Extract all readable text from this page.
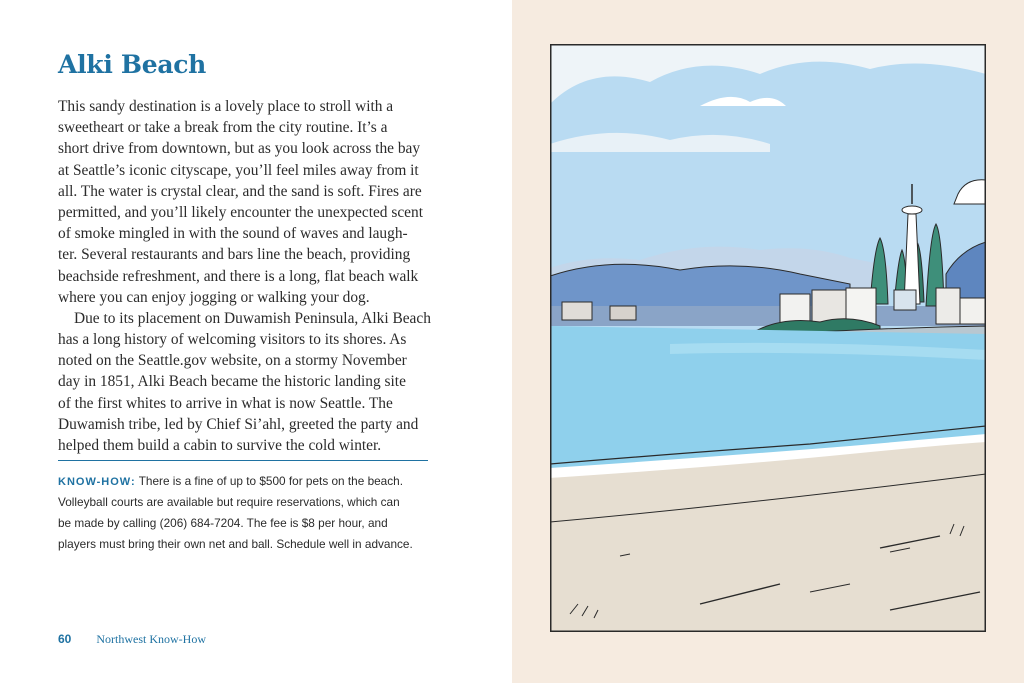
Alki Beach
This sandy destination is a lovely place to stroll with a
sweetheart or take a break from the city routine. It’s a
short drive from downtown, but as you look across the bay
at Seattle’s iconic cityscape, you’ll feel miles away from it
all. The water is crystal clear, and the sand is soft. Fires are
permitted, and you’ll likely encounter the unexpected scent
of smoke mingled in with the sound of waves and laugh-
ter. Several restaurants and bars line the beach, providing
beachside refreshment, and there is a long, flat beach walk
where you can enjoy jogging or walking your dog.
Due to its placement on Duwamish Peninsula, Alki Beach
has a long history of welcoming visitors to its shores. As
noted on the Seattle.gov website, on a stormy November
day in 1851, Alki Beach became the historic landing site
of the first whites to arrive in what is now Seattle. The
Duwamish tribe, led by Chief Si’ahl, greeted the party and
helped them build a cabin to survive the cold winter.
KNOW-HOW: There is a fine of up to $500 for pets on the beach.
Volleyball courts are available but require reservations, which can
be made by calling (206) 684-7204. The fee is $8 per hour, and
players must bring their own net and ball. Schedule well in advance.
60 Northwest Know-How
